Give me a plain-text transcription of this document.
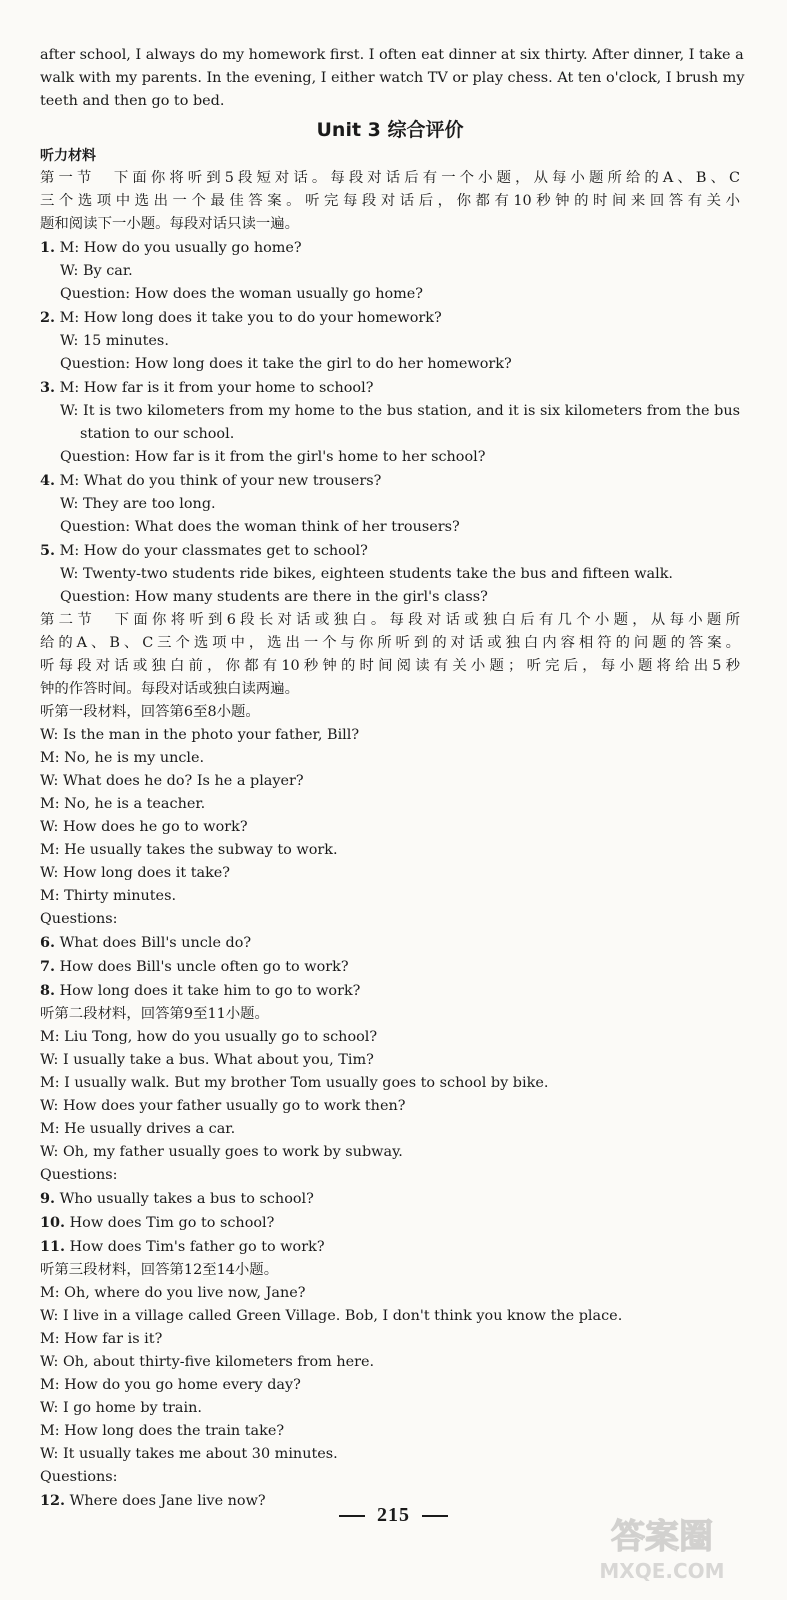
after school, I always do my homework first. I often eat dinner at six thirty. After dinner, I take a
walk with my parents. In the evening, I either watch TV or play chess. At ten o'clock, I brush my
teeth and then go to bed.
Unit 3 综合评价
听力材料
第一节　下面你将听到5段短对话。每段对话后有一个小题，从每小题所给的A、B、C
三个选项中选出一个最佳答案。听完每段对话后，你都有10秒钟的时间来回答有关小
题和阅读下一小题。每段对话只读一遍。
1. M: How do you usually go home?
W: By car.
Question: How does the woman usually go home?
2. M: How long does it take you to do your homework?
W: 15 minutes.
Question: How long does it take the girl to do her homework?
3. M: How far is it from your home to school?
W: It is two kilometers from my home to the bus station, and it is six kilometers from the bus
station to our school.
Question: How far is it from the girl's home to her school?
4. M: What do you think of your new trousers?
W: They are too long.
Question: What does the woman think of her trousers?
5. M: How do your classmates get to school?
W: Twenty-two students ride bikes, eighteen students take the bus and fifteen walk.
Question: How many students are there in the girl's class?
第二节　下面你将听到6段长对话或独白。每段对话或独白后有几个小题，从每小题所
给的A、B、C三个选项中，选出一个与你所听到的对话或独白内容相符的问题的答案。
听每段对话或独白前，你都有10秒钟的时间阅读有关小题；听完后，每小题将给出5秒
钟的作答时间。每段对话或独白读两遍。
听第一段材料，回答第6至8小题。
W: Is the man in the photo your father, Bill?
M: No, he is my uncle.
W: What does he do? Is he a player?
M: No, he is a teacher.
W: How does he go to work?
M: He usually takes the subway to work.
W: How long does it take?
M: Thirty minutes.
Questions:
6. What does Bill's uncle do?
7. How does Bill's uncle often go to work?
8. How long does it take him to go to work?
听第二段材料，回答第9至11小题。
M: Liu Tong, how do you usually go to school?
W: I usually take a bus. What about you, Tim?
M: I usually walk. But my brother Tom usually goes to school by bike.
W: How does your father usually go to work then?
M: He usually drives a car.
W: Oh, my father usually goes to work by subway.
Questions:
9. Who usually takes a bus to school?
10. How does Tim go to school?
11. How does Tim's father go to work?
听第三段材料，回答第12至14小题。
M: Oh, where do you live now, Jane?
W: I live in a village called Green Village. Bob, I don't think you know the place.
M: How far is it?
W: Oh, about thirty-five kilometers from here.
M: How do you go home every day?
W: I go home by train.
M: How long does the train take?
W: It usually takes me about 30 minutes.
Questions:
12. Where does Jane live now?
215
答案圈
MXQE.COM
